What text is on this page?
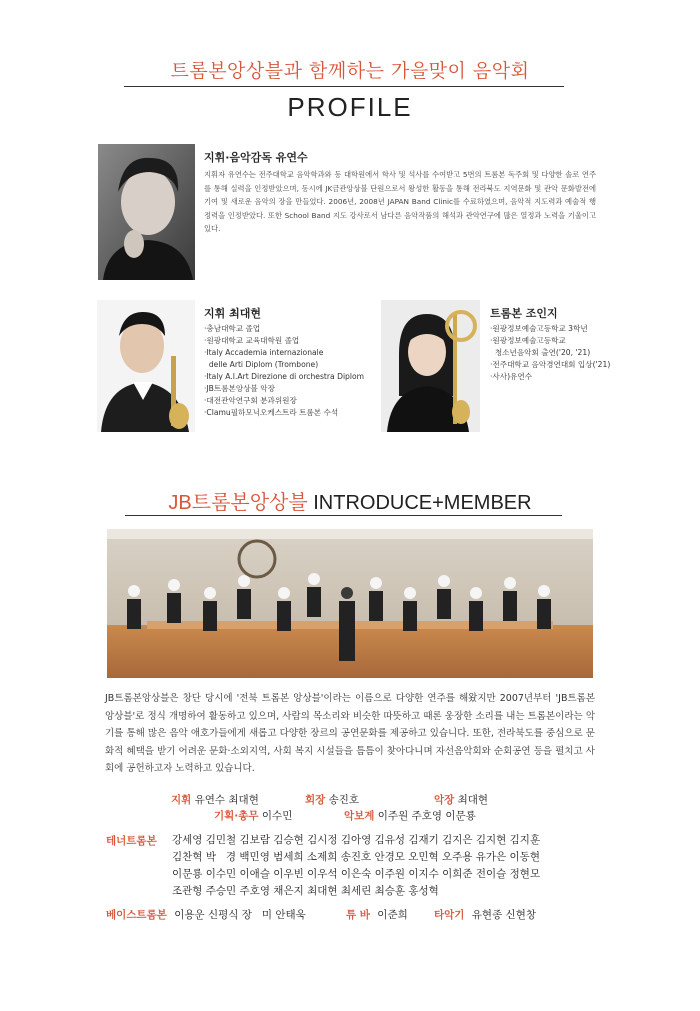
트롬본앙상블과 함께하는 가을맞이 음악회
PROFILE
지휘·음악감독 유연수
지휘자 유연수는 전주대학교 음악학과와 동 대학원에서 학사 및 석사를 수여받고 5번의 트롬본 독주회 및 다양한 솔로 연주를 통해 실력을 인정받았으며, 동시에 JK금관앙상블 단원으로서 왕성한 활동을 통해 전라북도 지역문화 및 관악 문화발전에 기여 및 새로운 음악의 장을 만들었다. 2006년, 2008년 JAPAN Band Clinic를 수료하였으며, 음악적 지도력과 예술적 행정력을 인정받았다. 또한 School Band 지도 강사로서 남다른 음악작품의 해석과 관악연구에 많은 열정과 노력을 기울이고 있다.
지휘 최대현
·충남대학교 졸업
·원광대학교 교육대학원 졸업
·Italy Accademia internazionale
delle Arti Diplom (Trombone)
·Italy A.I.Art Direzione di orchestra Diplom
·JB트롬본앙상블 악장
·대전관악연구회 분과위원장
·Clamu필하모닉오케스트라 트롬본 수석
트롬본 조인지
·원광정보예술고등학교 3학년
·원광정보예술고등학교
청소년음악회 출연('20, '21)
·전주대학교 음악경연대회 입상('21)
·사사)유연수
JB트롬본앙상블 INTRODUCE+MEMBER
JB트롬본앙상블은 창단 당시에 '전북 트롬본 앙상블'이라는 이름으로 다양한 연주를 해왔지만 2007년부터 'JB트롬본 앙상블'로 정식 개명하여 활동하고 있으며, 사람의 목소리와 비슷한 따뜻하고 때론 웅장한 소리를 내는 트롬본이라는 악기를 통해 많은 음악 애호가들에게 새롭고 다양한 장르의 공연문화를 제공하고 있습니다. 또한, 전라북도를 중심으로 문화적 혜택을 받기 어려운 문화·소외지역, 사회 복지 시설들을 틈틈이 찾아다니며 자선음악회와 순회공연 등을 펼치고 사회에 공헌하고자 노력하고 있습니다.
지휘 유연수 최대현	회장 송진호	악장 최대현
기획·총무 이수민	악보계 이주원 주호영 이문룡
테너트롬본 강세영 김민철 김보람 김승현 김시정 김아영 김유성 김재기 김지은 김지현 김지훈
김찬혁 박   경 백민영 범세희 소제희 송진호 안경모 오민혁 오주용 유가은 이동현
이문룡 이수민 이애슬 이우빈 이우석 이은숙 이주원 이지수 이희준 전이슬 정현모
조관형 주승민 주호영 채은지 최대현 최세린 최승훈 홍성혁
베이스트롬본 이용운 신평식 장   미 안태욱	튜 바 이준희	타악기 유현종 신현창
